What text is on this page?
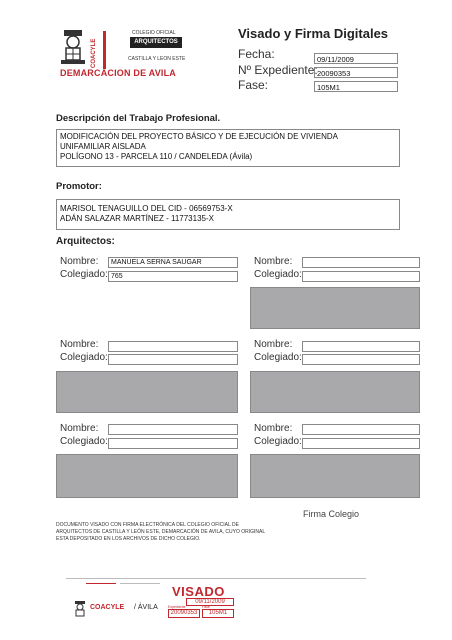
COACYLE
COLEGIO OFICIAL
ARQUITECTOS
CASTILLA Y LEON ESTE
DEMARCACION DE AVILA
Visado y Firma Digitales
Fecha:	09/11/2009
Nº Expediente: 20090353
Fase:	105M1
Descripción del Trabajo Profesional.
MODIFICACIÓN DEL PROYECTO BÁSICO Y DE EJECUCIÓN DE VIVIENDA
UNIFAMILIAR AISLADA
POLÍGONO 13 - PARCELA 110 / CANDELEDA (Ávila)
Promotor:
MARISOL TENAGUILLO DEL CID - 06569753-X
ADÁN SALAZAR MARTÍNEZ - 11773135-X
Arquitectos:
Nombre:	MANUELA SERNA SAUGAR
Colegiado: 765
Nombre:
Colegiado:
Nombre:
Colegiado:
Nombre:
Colegiado:
Nombre:
Colegiado:
Nombre:
Colegiado:
Firma Colegio
DOCUMENTO VISADO CON FIRMA ELECTRÓNICA DEL COLEGIO OFICIAL DE ARQUITECTOS DE CASTILLA Y LEÓN ESTE, DEMARCACIÓN DE AVILA, CUYO ORIGINAL ESTA DEPOSITADO EN LOS ARCHIVOS DE DICHO COLEGIO.
COACYLE / ÁVILA
VISADO
09/11/2009
Expediente	Fase
20090353	105M1
